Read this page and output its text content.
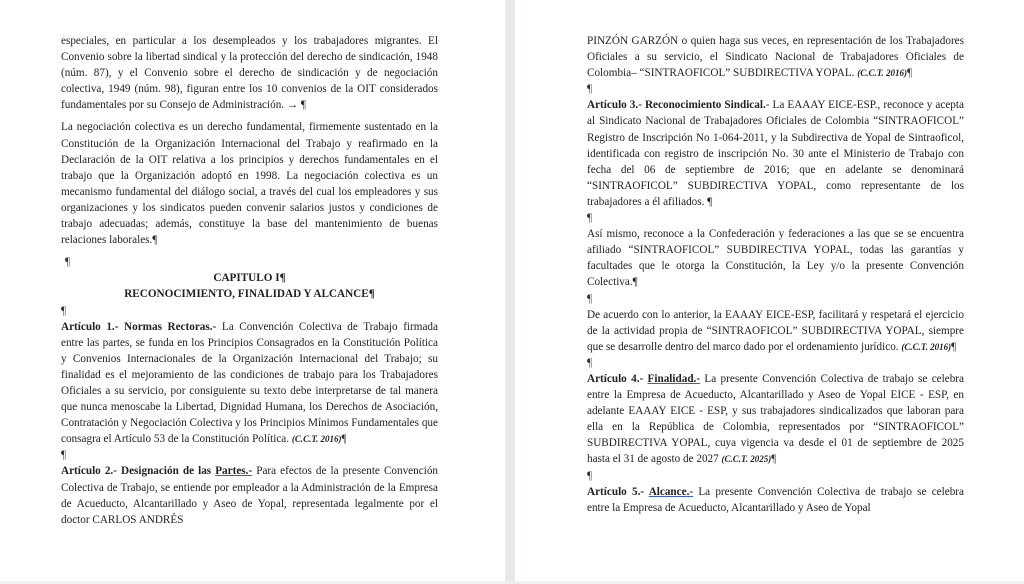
especiales, en particular a los desempleados y los trabajadores migrantes. El Convenio sobre la libertad sindical y la protección del derecho de sindicación, 1948 (núm. 87), y el Convenio sobre el derecho de sindicación y de negociación colectiva, 1949 (núm. 98), figuran entre los 10 convenios de la OIT considerados fundamentales por su Consejo de Administración. → ¶

La negociación colectiva es un derecho fundamental, firmemente sustentado en la Constitución de la Organización Internacional del Trabajo y reafirmado en la Declaración de la OIT relativa a los principios y derechos fundamentales en el trabajo que la Organización adoptó en 1998. La negociación colectiva es un mecanismo fundamental del diálogo social, a través del cual los empleadores y sus organizaciones y los sindicatos pueden convenir salarios justos y condiciones de trabajo adecuadas; además, constituye la base del mantenimiento de buenas relaciones laborales.¶

¶

CAPITULO I¶

RECONOCIMIENTO, FINALIDAD Y ALCANCE¶

¶

Artículo 1.- Normas Rectoras.- La Convención Colectiva de Trabajo firmada entre las partes, se funda en los Principios Consagrados en la Constitución Política y Convenios Internacionales de la Organización Internacional del Trabajo; su finalidad es el mejoramiento de las condiciones de trabajo para los Trabajadores Oficiales a su servicio, por consiguiente su texto debe interpretarse de tal manera que nunca menoscabe la Libertad, Dignidad Humana, los Derechos de Asociación, Contratación y Negociación Colectiva y los Principios Mínimos Fundamentales que consagra el Artículo 53 de la Constitución Política. (C.C.T. 2016)¶

¶

Artículo 2.- Designación de las Partes.- Para efectos de la presente Convención Colectiva de Trabajo, se entiende por empleador a la Administración de la Empresa de Acueducto, Alcantarillado y Aseo de Yopal, representada legalmente por el doctor CARLOS ANDRÉS

PINZÓN GARZÓN o quien haga sus veces, en representación de los Trabajadores Oficiales a su servicio, el Sindicato Nacional de Trabajadores Oficiales de Colombia– “SINTRAOFICOL” SUBDIRECTIVA YOPAL. (C.C.T. 2016)¶

¶

Artículo 3.- Reconocimiento Sindical.- La EAAAY EICE-ESP., reconoce y acepta al Sindicato Nacional de Trabajadores Oficiales de Colombia “SINTRAOFICOL” Registro de Inscripción No 1-064-2011, y la Subdirectiva de Yopal de Sintraoficol, identificada con registro de inscripción No. 30 ante el Ministerio de Trabajo con fecha del 06 de septiembre de 2016; que en adelante se denominará “SINTRAOFICOL” SUBDIRECTIVA YOPAL, como representante de los trabajadores a él afiliados. ¶

¶

Así mismo, reconoce a la Confederación y federaciones a las que se se encuentra afiliado “SINTRAOFICOL” SUBDIRECTIVA YOPAL, todas las garantías y facultades que le otorga la Constitución, la Ley y/o la presente Convención Colectiva.¶

¶

De acuerdo con lo anterior, la EAAAY EICE-ESP, facilitará y respetará el ejercicio de la actividad propia de “SINTRAOFICOL” SUBDIRECTIVA YOPAL, siempre que se desarrolle dentro del marco dado por el ordenamiento jurídico. (C.C.T. 2016)¶

¶

Artículo 4.- Finalidad.- La presente Convención Colectiva de trabajo se celebra entre la Empresa de Acueducto, Alcantarillado y Aseo de Yopal EICE - ESP, en adelante EAAAY EICE - ESP, y sus trabajadores sindicalizados que laboran para ella en la República de Colombia, representados por “SINTRAOFICOL” SUBDIRECTIVA YOPAL, cuya vigencia va desde el 01 de septiembre de 2025 hasta el 31 de agosto de 2027 (C.C.T. 2025)¶

¶

Artículo 5.- Alcance.- La presente Convención Colectiva de trabajo se celebra entre la Empresa de Acueducto, Alcantarillado y Aseo de Yopal
